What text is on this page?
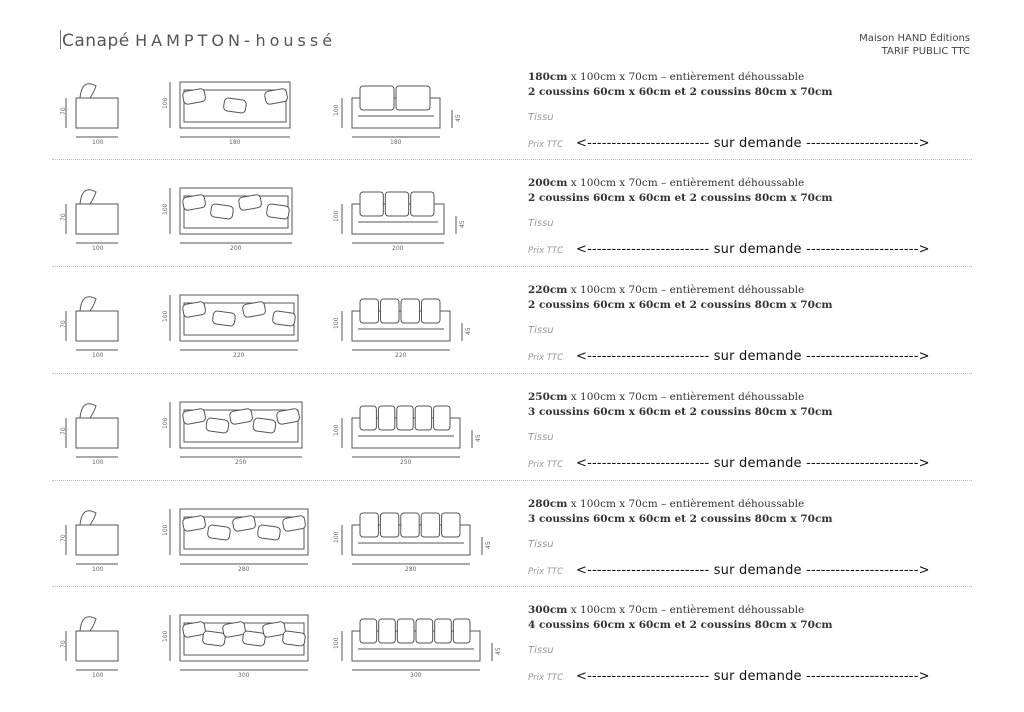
Canapé HAMPTON- houssé	Maison HAND Éditions
TARIF PUBLIC TTC
70
100
100
180
100
180
45
180cm x 100cm x 70cm – entièrement déhoussable
2 coussins 60cm x 60cm et 2 coussins 80cm x 70cm
Tissu
Prix TTC <------------------------- sur demande ----------------------->
70
100
100
200
100
200
45
200cm x 100cm x 70cm – entièrement déhoussable
2 coussins 60cm x 60cm et 2 coussins 80cm x 70cm
Tissu
Prix TTC <------------------------- sur demande ----------------------->
70
100
100
220
100
220
45
220cm x 100cm x 70cm – entièrement déhoussable
2 coussins 60cm x 60cm et 2 coussins 80cm x 70cm
Tissu
Prix TTC <------------------------- sur demande ----------------------->
70
100
100
250
100
250
45
250cm x 100cm x 70cm – entièrement déhoussable
3 coussins 60cm x 60cm et 2 coussins 80cm x 70cm
Tissu
Prix TTC <------------------------- sur demande ----------------------->
70
100
100
280
100
280
45
280cm x 100cm x 70cm – entièrement déhoussable
3 coussins 60cm x 60cm et 2 coussins 80cm x 70cm
Tissu
Prix TTC <------------------------- sur demande ----------------------->
70
100
100
300
100
300
45
300cm x 100cm x 70cm – entièrement déhoussable
4 coussins 60cm x 60cm et 2 coussins 80cm x 70cm
Tissu
Prix TTC <------------------------- sur demande ----------------------->
